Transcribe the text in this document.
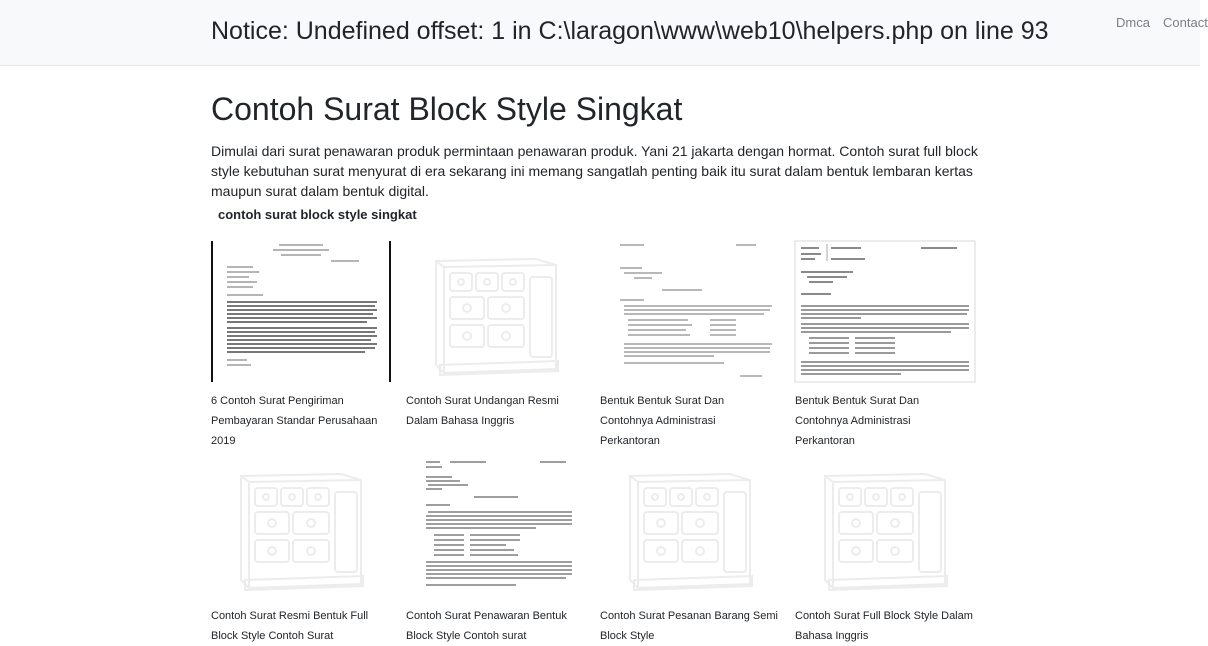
Notice: Undefined offset: 1 in C:\laragon\www\web10\helpers.php on line 93	Dmca Contact
Contoh Surat Block Style Singkat

Dimulai dari surat penawaran produk permintaan penawaran produk. Yani 21 jakarta dengan hormat. Contoh surat full block style kebutuhan surat menyurat di era sekarang ini memang sangatlah penting baik itu surat dalam bentuk lembaran kertas maupun surat dalam bentuk digital.

contoh surat block style singkat
6 Contoh Surat Pengiriman Pembayaran Standar Perusahaan 2019
Contoh Surat Undangan Resmi Dalam Bahasa Inggris
Bentuk Bentuk Surat Dan Contohnya Administrasi Perkantoran
Bentuk Bentuk Surat Dan Contohnya Administrasi Perkantoran
Contoh Surat Resmi Bentuk Full Block Style Contoh Surat
Contoh Surat Penawaran Bentuk Block Style Contoh surat
Contoh Surat Pesanan Barang Semi Block Style
Contoh Surat Full Block Style Dalam Bahasa Inggris
